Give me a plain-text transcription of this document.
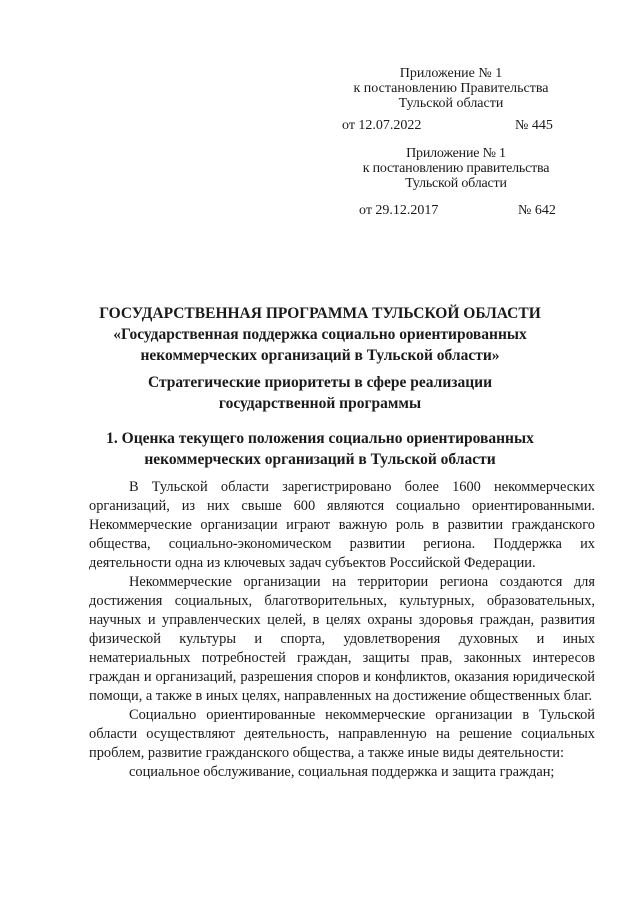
Приложение № 1
к постановлению Правительства
Тульской области
от 12.07.2022	№ 445
Приложение № 1
к постановлению правительства
Тульской области
от 29.12.2017	№ 642
ГОСУДАРСТВЕННАЯ ПРОГРАММА ТУЛЬСКОЙ ОБЛАСТИ
«Государственная поддержка социально ориентированных
некоммерческих организаций в Тульской области»
Стратегические приоритеты в сфере реализации
государственной программы
1. Оценка текущего положения социально ориентированных
некоммерческих организаций в Тульской области

В Тульской области зарегистрировано более 1600 некоммерческих организаций, из них свыше 600 являются социально ориентированными. Некоммерческие организации играют важную роль в развитии гражданского общества, социально-экономическом развитии региона. Поддержка их деятельности одна из ключевых задач субъектов Российской Федерации.

Некоммерческие организации на территории региона создаются для достижения социальных, благотворительных, культурных, образовательных, научных и управленческих целей, в целях охраны здоровья граждан, развития физической культуры и спорта, удовлетворения духовных и иных нематериальных потребностей граждан, защиты прав, законных интересов граждан и организаций, разрешения споров и конфликтов, оказания юридической помощи, а также в иных целях, направленных на достижение общественных благ.

Социально ориентированные некоммерческие организации в Тульской области осуществляют деятельность, направленную на решение социальных проблем, развитие гражданского общества, а также иные виды деятельности:

социальное обслуживание, социальная поддержка и защита граждан;
